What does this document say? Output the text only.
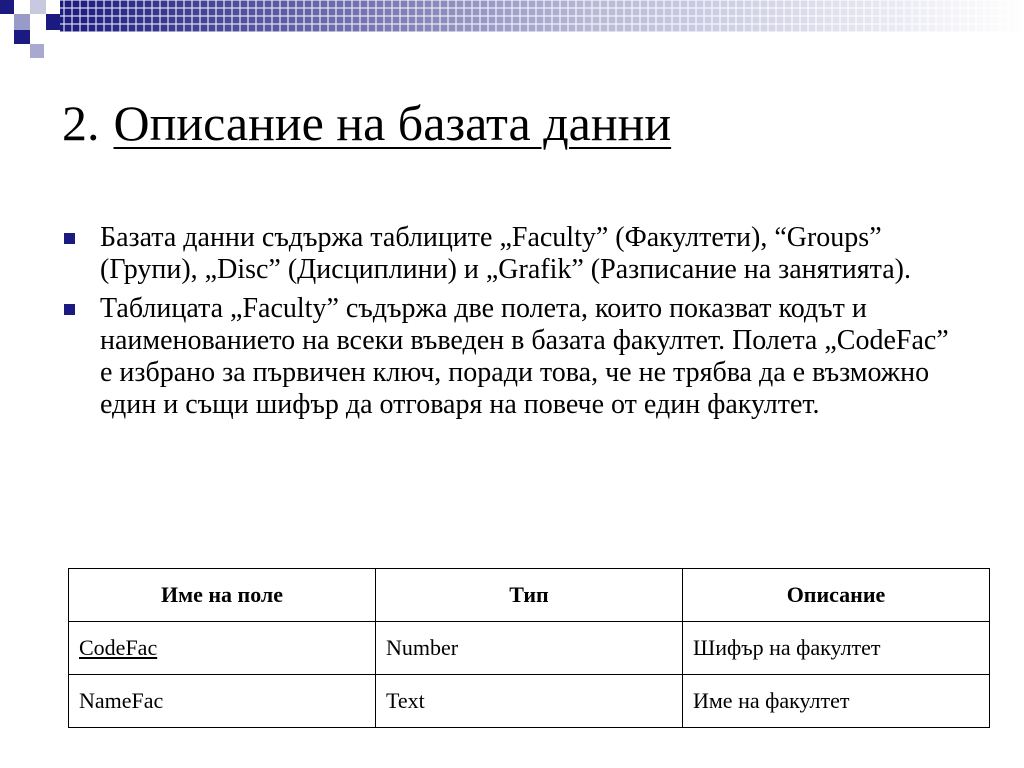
2. Описание на базата данни
Базата данни съдържа таблиците „Faculty” (Факултети), “Groups” (Групи), „Disc” (Дисциплини) и „Grafik” (Разписание на занятията).
Таблицата „Faculty” съдържа две полета, които показват кодът и наименованието на всеки въведен в базата факултет. Полета „CodeFac” е избрано за първичен ключ, поради това, че не трябва да е възможно един и същи шифър да отговаря на повече от един факултет.
Име на поле	Тип	Описание
CodeFac	Number	Шифър на факултет
NameFac	Text	Име на факултет
